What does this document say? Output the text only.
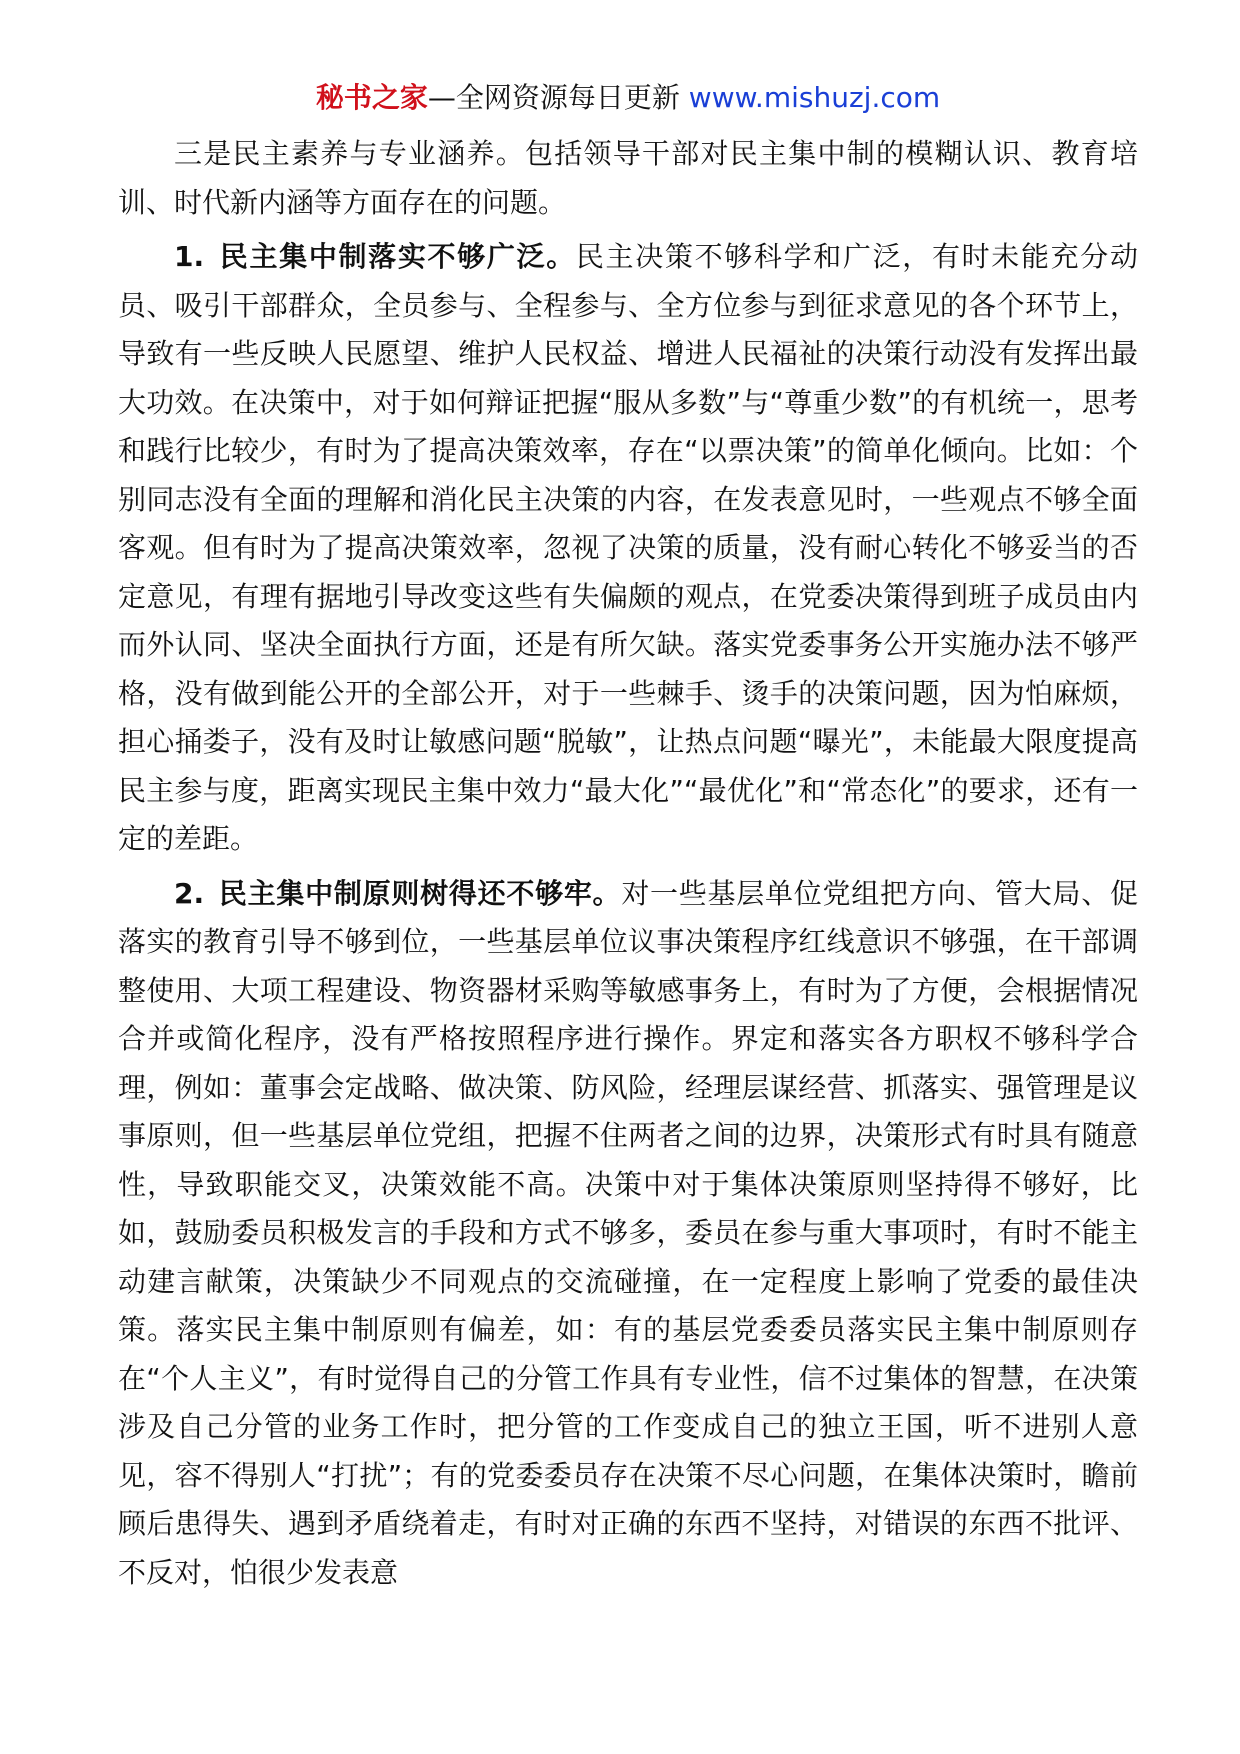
秘书之家—全网资源每日更新 www.mishuzj.com

三是民主素养与专业涵养。包括领导干部对民主集中制的模糊认识、教育培训、时代新内涵等方面存在的问题。

1. 民主集中制落实不够广泛。民主决策不够科学和广泛，有时未能充分动员、吸引干部群众，全员参与、全程参与、全方位参与到征求意见的各个环节上，导致有一些反映人民愿望、维护人民权益、增进人民福祉的决策行动没有发挥出最大功效。在决策中，对于如何辩证把握“服从多数”与“尊重少数”的有机统一，思考和践行比较少，有时为了提高决策效率，存在“以票决策”的简单化倾向。比如：个别同志没有全面的理解和消化民主决策的内容，在发表意见时，一些观点不够全面客观。但有时为了提高决策效率，忽视了决策的质量，没有耐心转化不够妥当的否定意见，有理有据地引导改变这些有失偏颇的观点，在党委决策得到班子成员由内而外认同、坚决全面执行方面，还是有所欠缺。落实党委事务公开实施办法不够严格，没有做到能公开的全部公开，对于一些棘手、烫手的决策问题，因为怕麻烦，担心捅娄子，没有及时让敏感问题“脱敏”，让热点问题“曝光”，未能最大限度提高民主参与度，距离实现民主集中效力“最大化”“最优化”和“常态化”的要求，还有一定的差距。

2. 民主集中制原则树得还不够牢。对一些基层单位党组把方向、管大局、促落实的教育引导不够到位，一些基层单位议事决策程序红线意识不够强，在干部调整使用、大项工程建设、物资器材采购等敏感事务上，有时为了方便，会根据情况合并或简化程序，没有严格按照程序进行操作。界定和落实各方职权不够科学合理，例如：董事会定战略、做决策、防风险，经理层谋经营、抓落实、强管理是议事原则，但一些基层单位党组，把握不住两者之间的边界，决策形式有时具有随意性，导致职能交叉，决策效能不高。决策中对于集体决策原则坚持得不够好，比如，鼓励委员积极发言的手段和方式不够多，委员在参与重大事项时，有时不能主动建言献策，决策缺少不同观点的交流碰撞，在一定程度上影响了党委的最佳决策。落实民主集中制原则有偏差，如：有的基层党委委员落实民主集中制原则存在“个人主义”，有时觉得自己的分管工作具有专业性，信不过集体的智慧，在决策涉及自己分管的业务工作时，把分管的工作变成自己的独立王国，听不进别人意见，容不得别人“打扰”；有的党委委员存在决策不尽心问题，在集体决策时，瞻前顾后患得失、遇到矛盾绕着走，有时对正确的东西不坚持，对错误的东西不批评、不反对，怕很少发表意
